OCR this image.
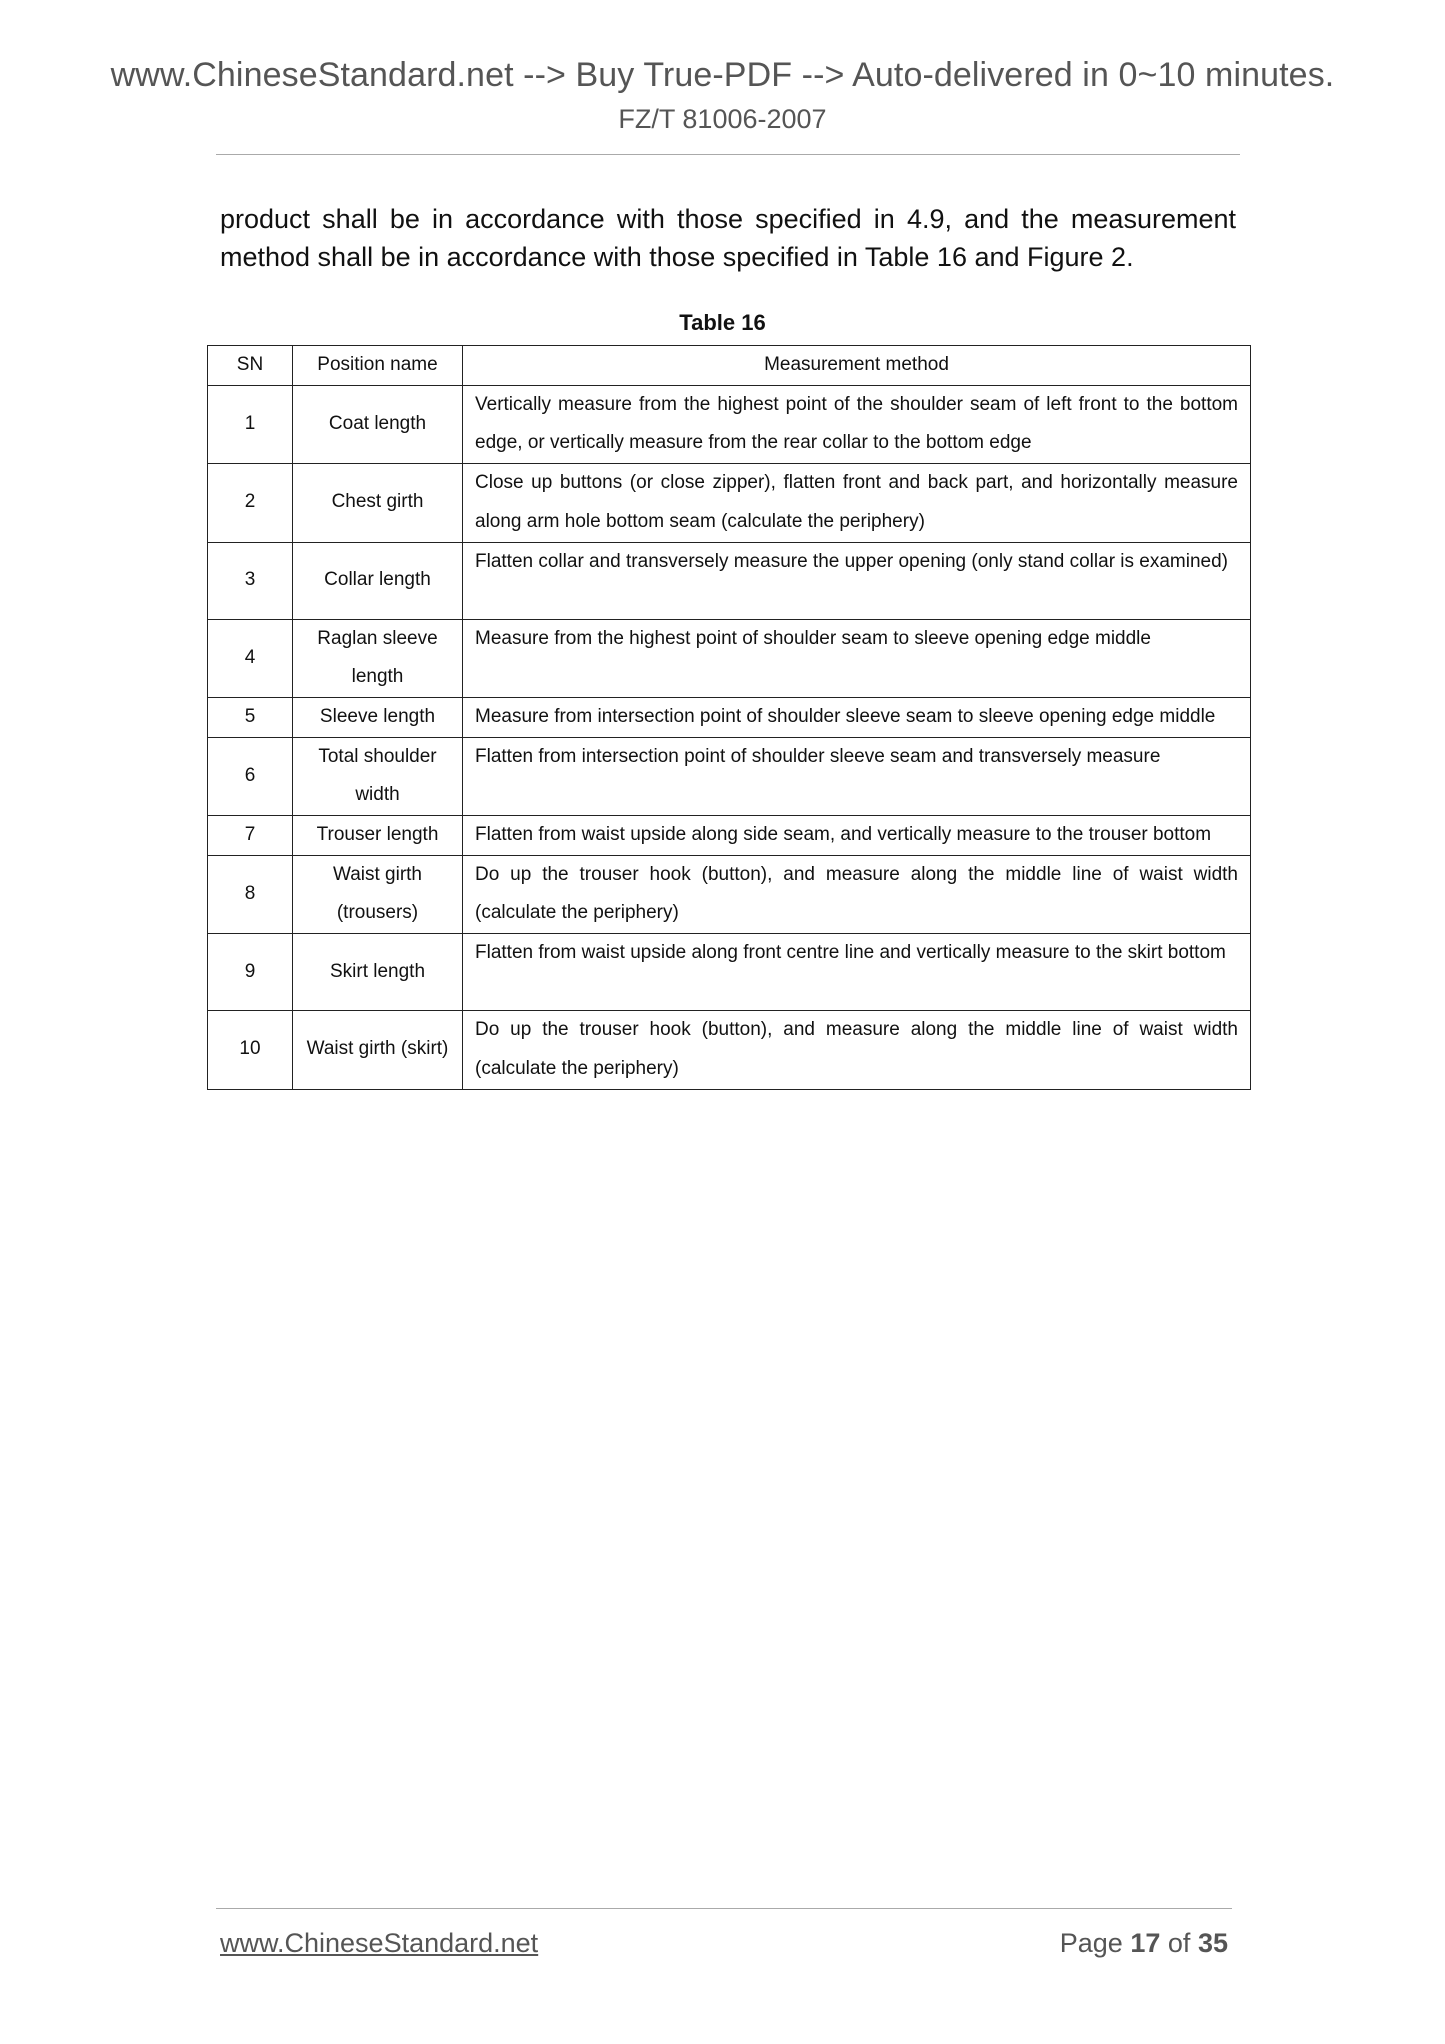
www.ChineseStandard.net --> Buy True-PDF --> Auto-delivered in 0~10 minutes.
FZ/T 81006-2007

product shall be in accordance with those specified in 4.9, and the measurement method shall be in accordance with those specified in Table 16 and Figure 2.

Table 16
SN	Position name	Measurement method
1	Coat length	Vertically measure from the highest point of the shoulder seam of left front to the bottom edge, or vertically measure from the rear collar to the bottom edge
2	Chest girth	Close up buttons (or close zipper), flatten front and back part, and horizontally measure along arm hole bottom seam (calculate the periphery)
3	Collar length	Flatten collar and transversely measure the upper opening (only stand collar is examined)
4	Raglan sleeve length	Measure from the highest point of shoulder seam to sleeve opening edge middle
5	Sleeve length	Measure from intersection point of shoulder sleeve seam to sleeve opening edge middle
6	Total shoulder width	Flatten from intersection point of shoulder sleeve seam and transversely measure
7	Trouser length	Flatten from waist upside along side seam, and vertically measure to the trouser bottom
8	Waist girth (trousers)	Do up the trouser hook (button), and measure along the middle line of waist width (calculate the periphery)
9	Skirt length	Flatten from waist upside along front centre line and vertically measure to the skirt bottom
10	Waist girth (skirt)	Do up the trouser hook (button), and measure along the middle line of waist width (calculate the periphery)
www.ChineseStandard.net	Page 17 of 35
